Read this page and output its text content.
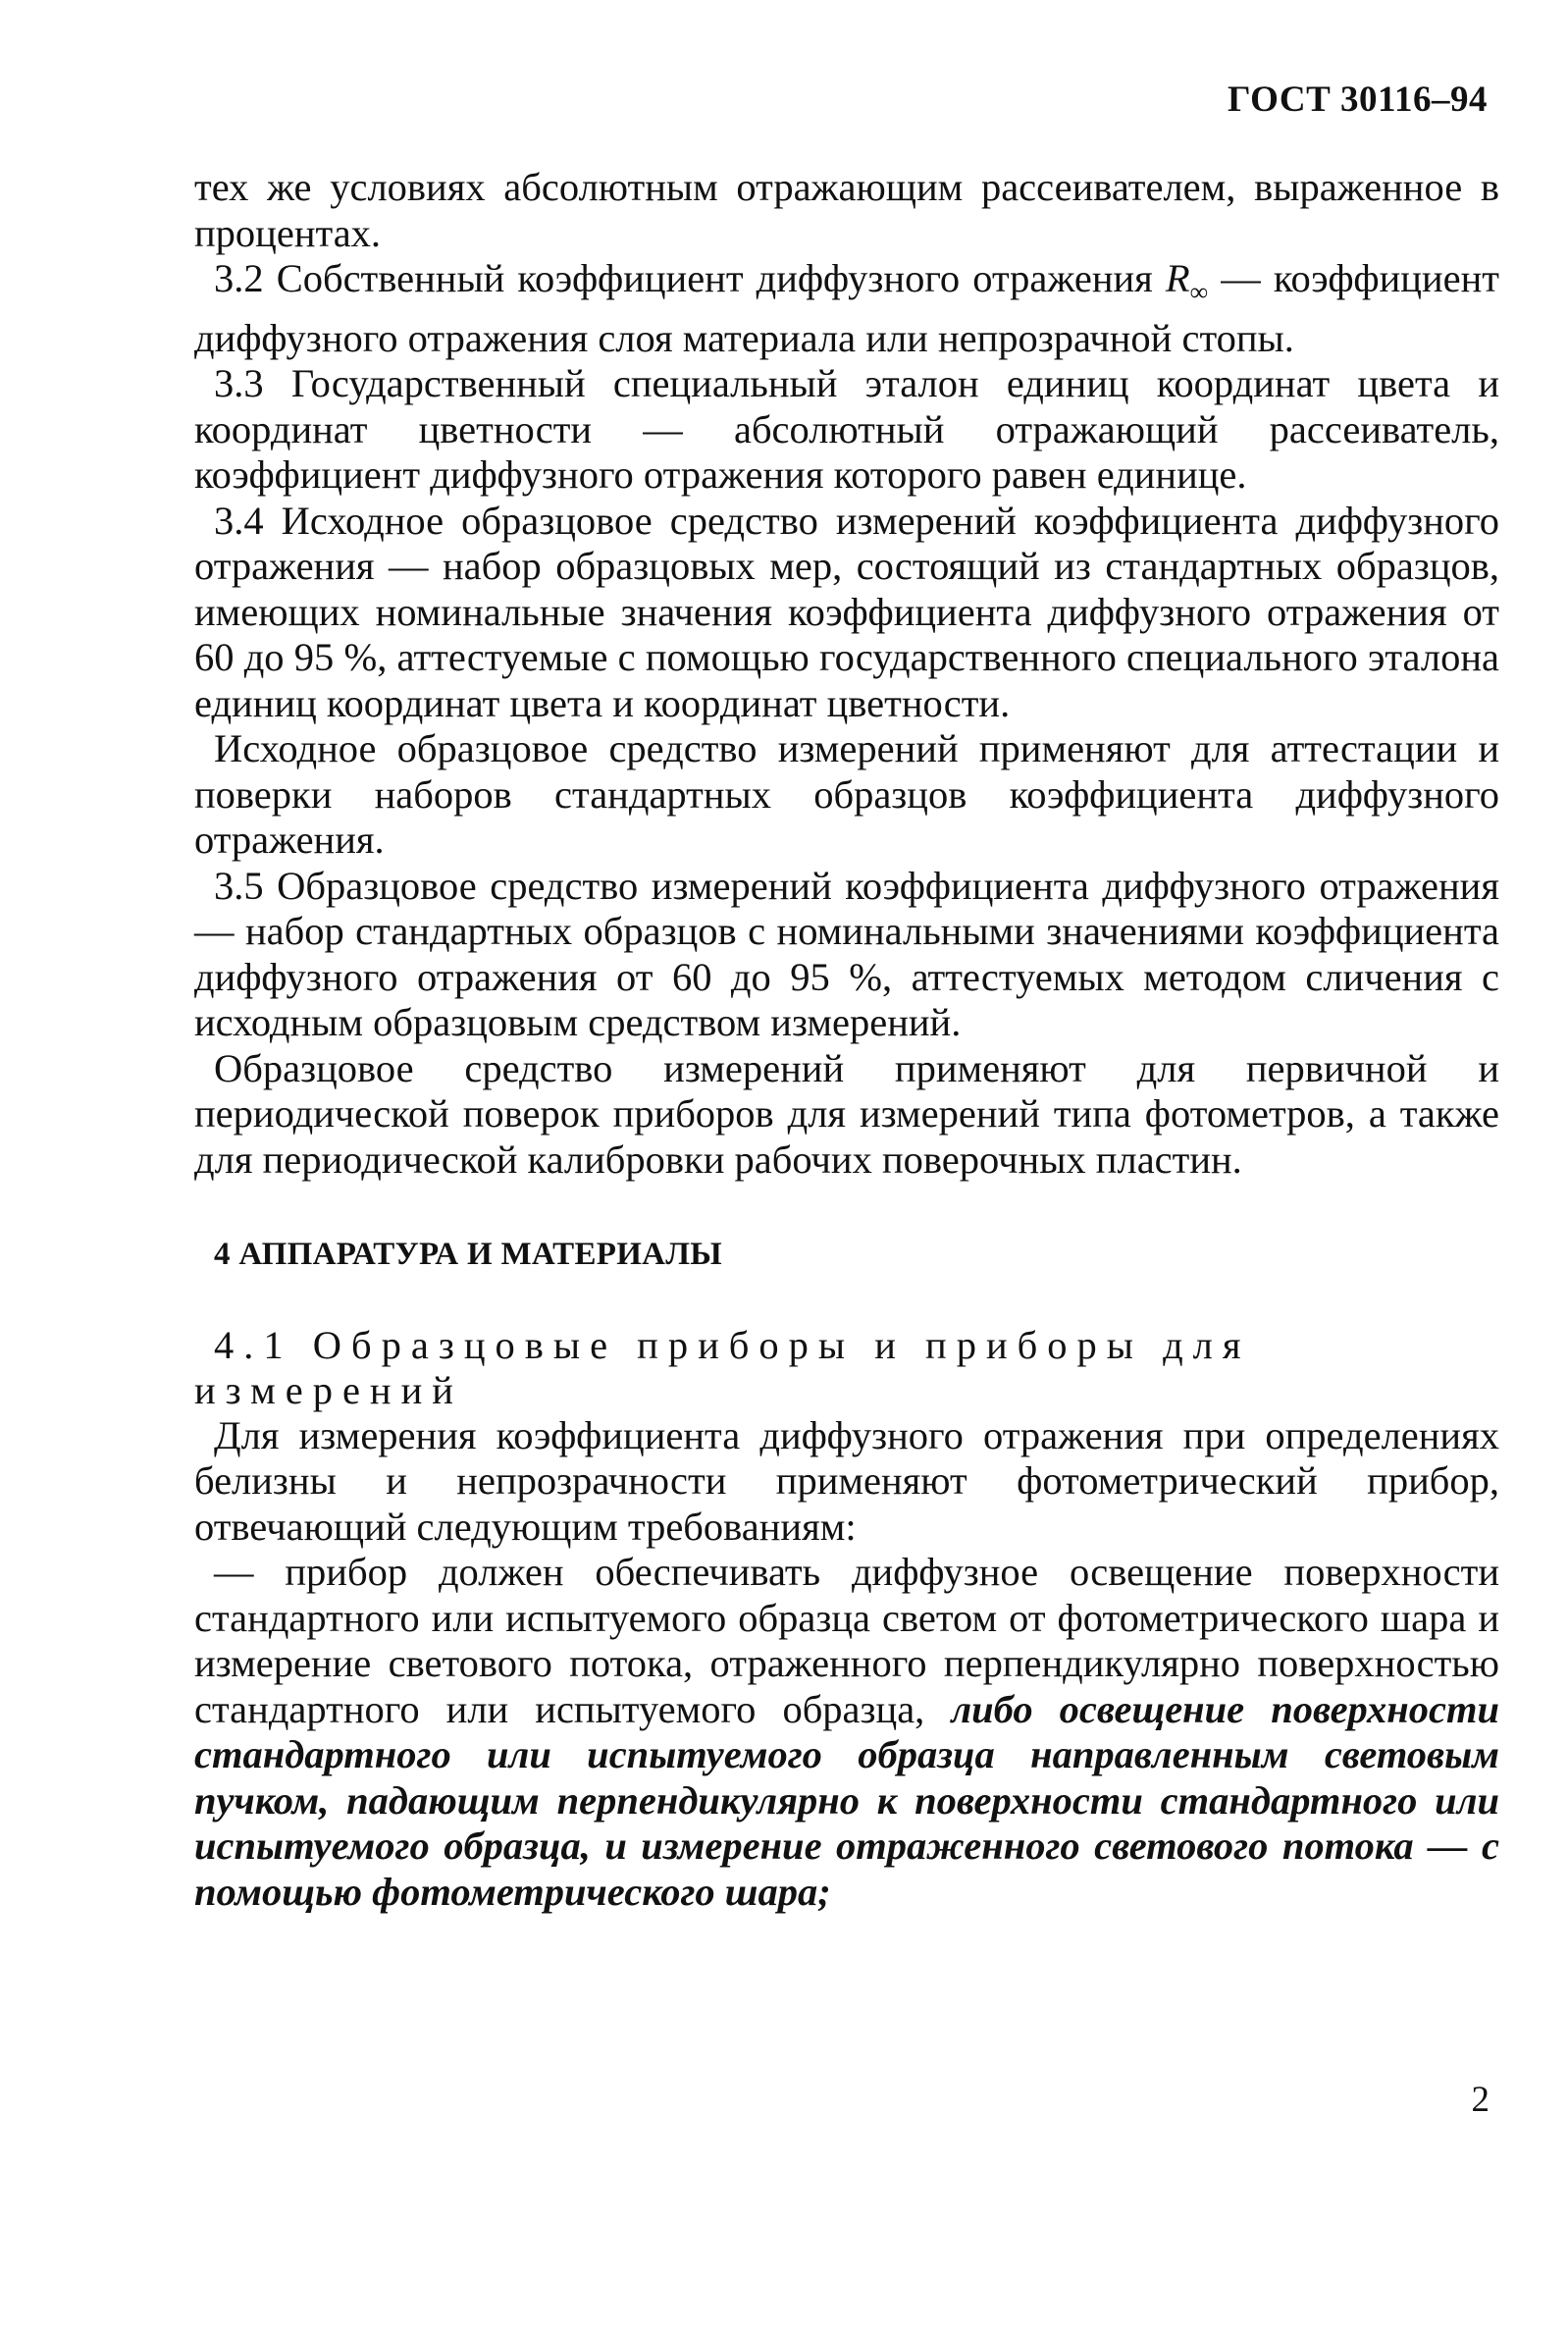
ГОСТ 30116–94

тех же условиях абсолютным отражающим рассеивателем, выраженное в процентах.

3.2 Собственный коэффициент диффузного отражения $R_\infty$ — коэффициент диффузного отражения слоя материала или непрозрачной стопы.

3.3 Государственный специальный эталон единиц координат цвета и координат цветности — абсолютный отражающий рассеиватель, коэффициент диффузного отражения которого равен единице.

3.4 Исходное образцовое средство измерений коэффициента диффузного отражения — набор образцовых мер, состоящий из стандартных образцов, имеющих номинальные значения коэффициента диффузного отражения от 60 до 95 %, аттестуемые с помощью государственного специального эталона единиц координат цвета и координат цветности.

Исходное образцовое средство измерений применяют для аттестации и поверки наборов стандартных образцов коэффициента диффузного отражения.

3.5 Образцовое средство измерений коэффициента диффузного отражения — набор стандартных образцов с номинальными значениями коэффициента диффузного отражения от 60 до 95 %, аттестуемых методом сличения с исходным образцовым средством измерений.

Образцовое средство измерений применяют для первичной и периодической поверок приборов для измерений типа фотометров, а также для периодической калибровки рабочих поверочных пластин.

4 АППАРАТУРА И МАТЕРИАЛЫ

4.1 Образцовые приборы и приборы для измерений

Для измерения коэффициента диффузного отражения при определениях белизны и непрозрачности применяют фотометрический прибор, отвечающий следующим требованиям:

— прибор должен обеспечивать диффузное освещение поверхности стандартного или испытуемого образца светом от фотометрического шара и измерение светового потока, отраженного перпендикулярно поверхностью стандартного или испытуемого образца, либо освещение поверхности стандартного или испытуемого образца направленным световым пучком, падающим перпендикулярно к поверхности стандартного или испытуемого образца, и измерение отраженного светового потока — с помощью фотометрического шара;

2
